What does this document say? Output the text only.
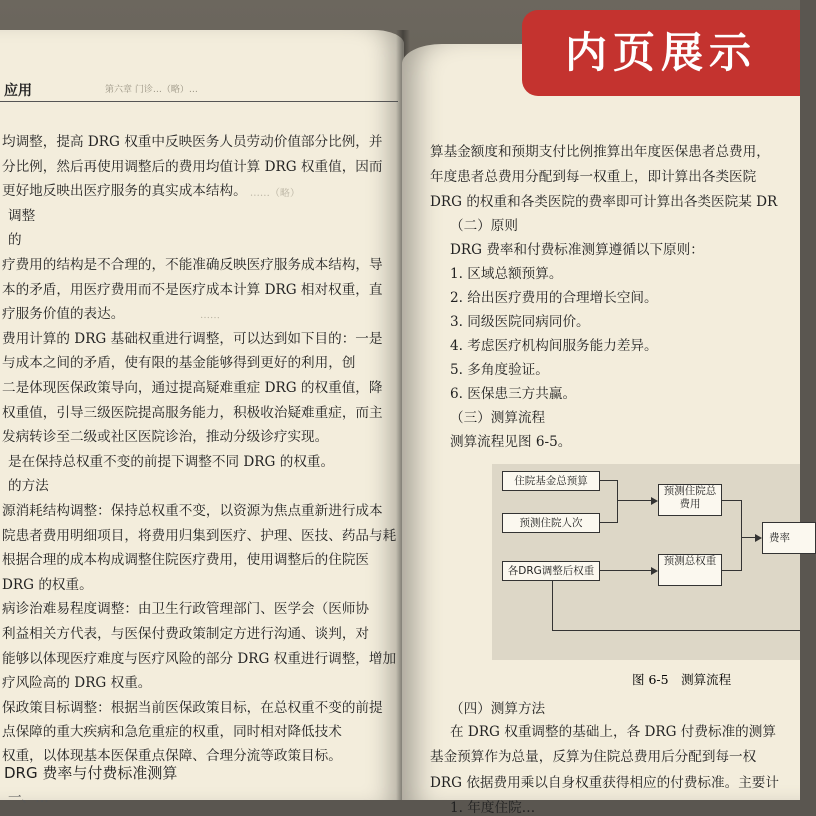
应用	第六章 门诊…（略）…
……（略）
……
均调整，提高 DRG 权重中反映医务人员劳动价值部分比例，并
分比例，然后再使用调整后的费用均值计算 DRG 权重值，因而
更好地反映出医疗服务的真实成本结构。
调整
的
疗费用的结构是不合理的，不能准确反映医疗服务成本结构，导
本的矛盾，用医疗费用而不是医疗成本计算 DRG 相对权重，直
疗服务价值的表达。
费用计算的 DRG 基础权重进行调整，可以达到如下目的：一是
与成本之间的矛盾，使有限的基金能够得到更好的利用，创
二是体现医保政策导向，通过提高疑难重症 DRG 的权重值，降
权重值，引导三级医院提高服务能力，积极收治疑难重症，而主
发病转诊至二级或社区医院诊治，推动分级诊疗实现。
是在保持总权重不变的前提下调整不同 DRG 的权重。
的方法
源消耗结构调整：保持总权重不变，以资源为焦点重新进行成本
院患者费用明细项目，将费用归集到医疗、护理、医技、药品与耗
根据合理的成本构成调整住院医疗费用，使用调整后的住院医
DRG 的权重。
病诊治难易程度调整：由卫生行政管理部门、医学会（医师协
利益相关方代表，与医保付费政策制定方进行沟通、谈判，对
能够以体现医疗难度与医疗风险的部分 DRG 权重进行调整，增加
疗风险高的 DRG 权重。
保政策目标调整：根据当前医保政策目标，在总权重不变的前提
点保障的重大疾病和急危重症的权重，同时相对降低技术
权重，以体现基本医保重点保障、合理分流等政策目标。
DRG 费率与付费标准测算
一、…
算基金额度和预期支付比例推算出年度医保患者总费用，
年度患者总费用分配到每一权重上，即计算出各类医院
DRG 的权重和各类医院的费率即可计算出各类医院某 DR
（二）原则
DRG 费率和付费标准测算遵循以下原则：
1. 区域总额预算。
2. 给出医疗费用的合理增长空间。
3. 同级医院同病同价。
4. 考虑医疗机构间服务能力差异。
5. 多角度验证。
6. 医保患三方共赢。
（三）测算流程
测算流程见图 6-5。
（四）测算方法
在 DRG 权重调整的基础上，各 DRG 付费标准的测算
基金预算作为总量，反算为住院总费用后分配到每一权
DRG 依据费用乘以自身权重获得相应的付费标准。主要计
1. 年度住院…
住院基金总预算
预测住院人次
预测住院总费用
各DRG调整后权重
预测总权重
费率
图 6-5　测算流程
内页展示
